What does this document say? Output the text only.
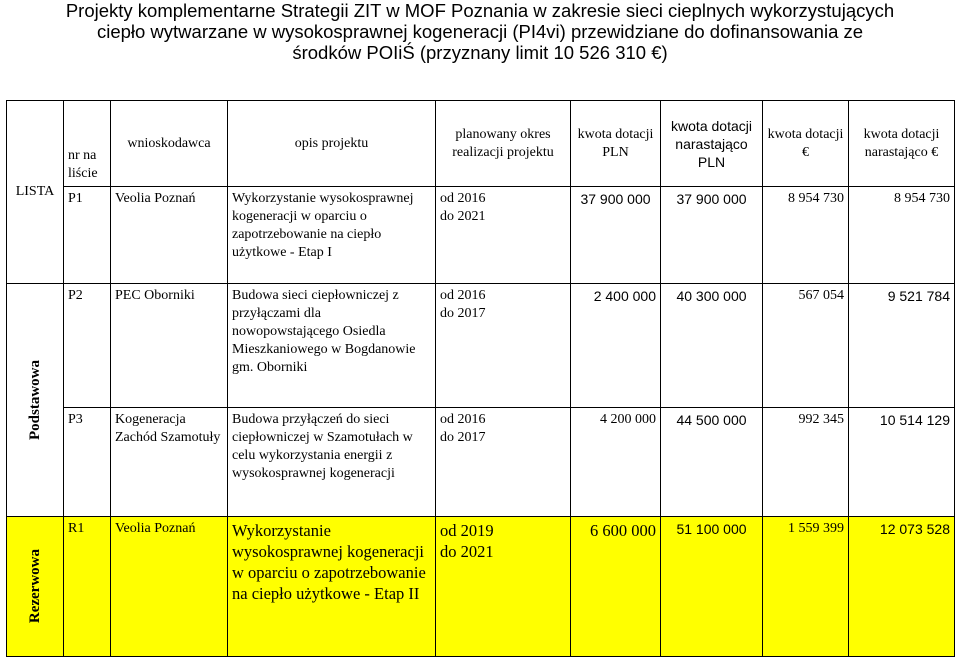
Projekty komplementarne Strategii ZIT w MOF Poznania w zakresie sieci cieplnych wykorzystujących
ciepło wytwarzane w wysokosprawnej kogeneracji (PI4vi) przewidziane do dofinansowania ze
środków POIiŚ (przyznany limit 10 526 310 €)
LISTA	nr na liście	wnioskodawca	opis projektu	planowany okres realizacji projektu	kwota dotacji PLN	kwota dotacji narastająco PLN	kwota dotacji €	kwota dotacji narastająco €
	P1	Veolia Poznań	Wykorzystanie wysokosprawnej kogeneracji w oparciu o zapotrzebowanie na ciepło użytkowe - Etap I	od 2016
do 2021	37 900 000	37 900 000	8 954 730	8 954 730

Podstawowa	P2	PEC Oborniki	Budowa sieci ciepłowniczej z przyłączami dla nowopowstającego Osiedla Mieszkaniowego w Bogdanowie gm. Oborniki	od 2016
do 2017	2 400 000	40 300 000	567 054	9 521 784
	P3	Kogeneracja Zachód Szamotuły	Budowa przyłączeń do sieci ciepłowniczej w Szamotułach w celu wykorzystania energii z wysokosprawnej kogeneracji	od 2016
do 2017	4 200 000	44 500 000	992 345	10 514 129

Rezerwowa	R1	Veolia Poznań	Wykorzystanie wysokosprawnej kogeneracji w oparciu o zapotrzebowanie na ciepło użytkowe - Etap II	od 2019
do 2021	6 600 000	51 100 000	1 559 399	12 073 528
